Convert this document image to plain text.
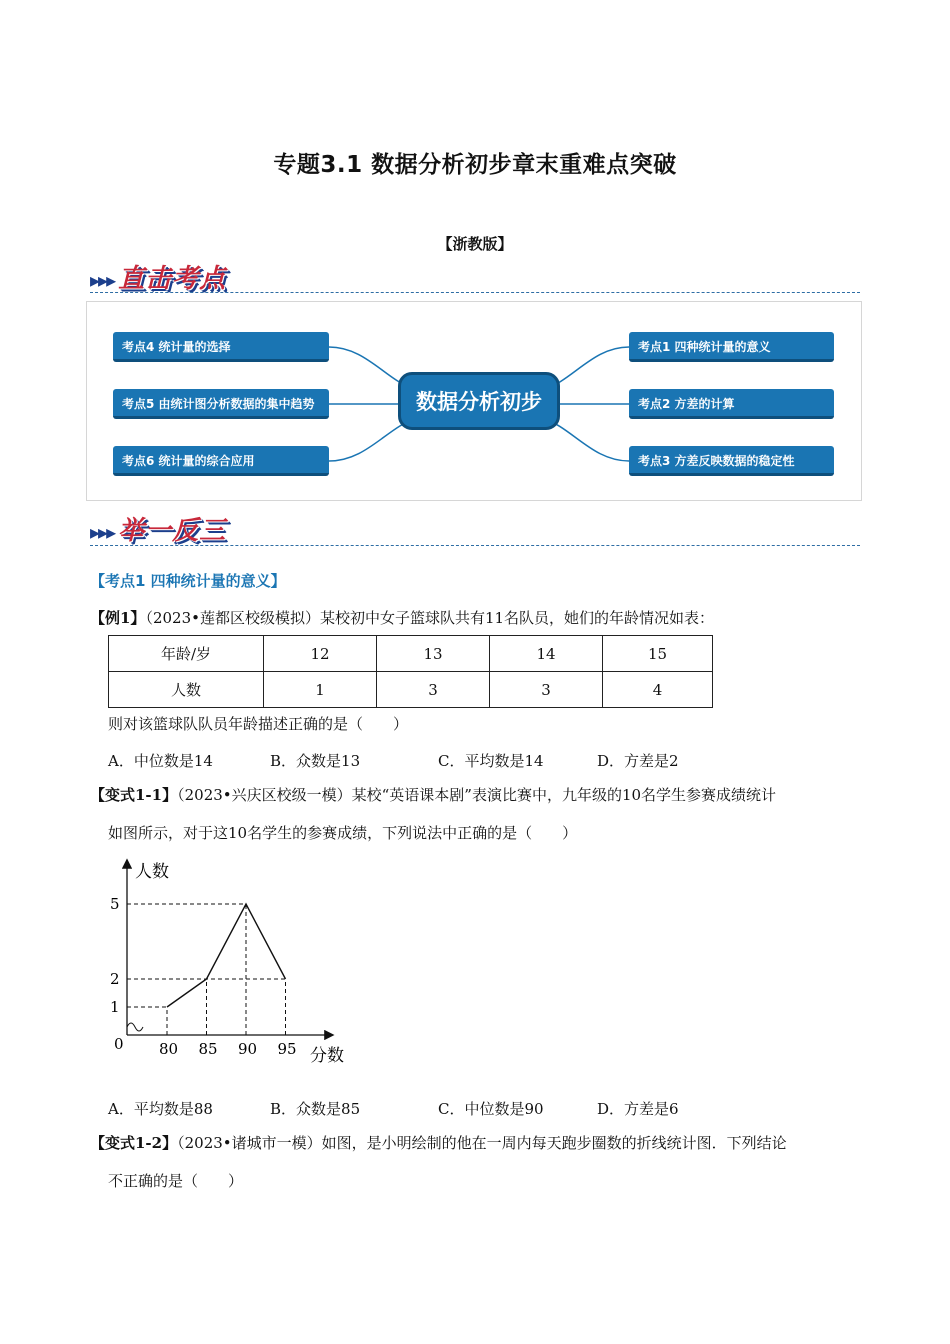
专题3.1 数据分析初步章末重难点突破
【浙教版】
▸▸▸ 直击考点
考点4 统计量的选择
考点5 由统计图分析数据的集中趋势
考点6 统计量的综合应用
数据分析初步
考点1 四种统计量的意义
考点2 方差的计算
考点3 方差反映数据的稳定性
▸▸▸ 举一反三
【考点1 四种统计量的意义】
【例1】（2023•莲都区校级模拟）某校初中女子篮球队共有11名队员，她们的年龄情况如表：
年龄/岁	12	13	14	15
人数	1	3	3	4
则对该篮球队队员年龄描述正确的是（　　）
A．中位数是14	B．众数是13	C．平均数是14	D．方差是2
【变式1-1】（2023•兴庆区校级一模）某校“英语课本剧”表演比赛中，九年级的10名学生参赛成绩统计
如图所示，对于这10名学生的参赛成绩，下列说法中正确的是（　　）
80 85 90 95
1
2
5
人数
分数
0
A．平均数是88	B．众数是85	C．中位数是90	D．方差是6
【变式1-2】（2023•诸城市一模）如图，是小明绘制的他在一周内每天跑步圈数的折线统计图．下列结论
不正确的是（　　）
